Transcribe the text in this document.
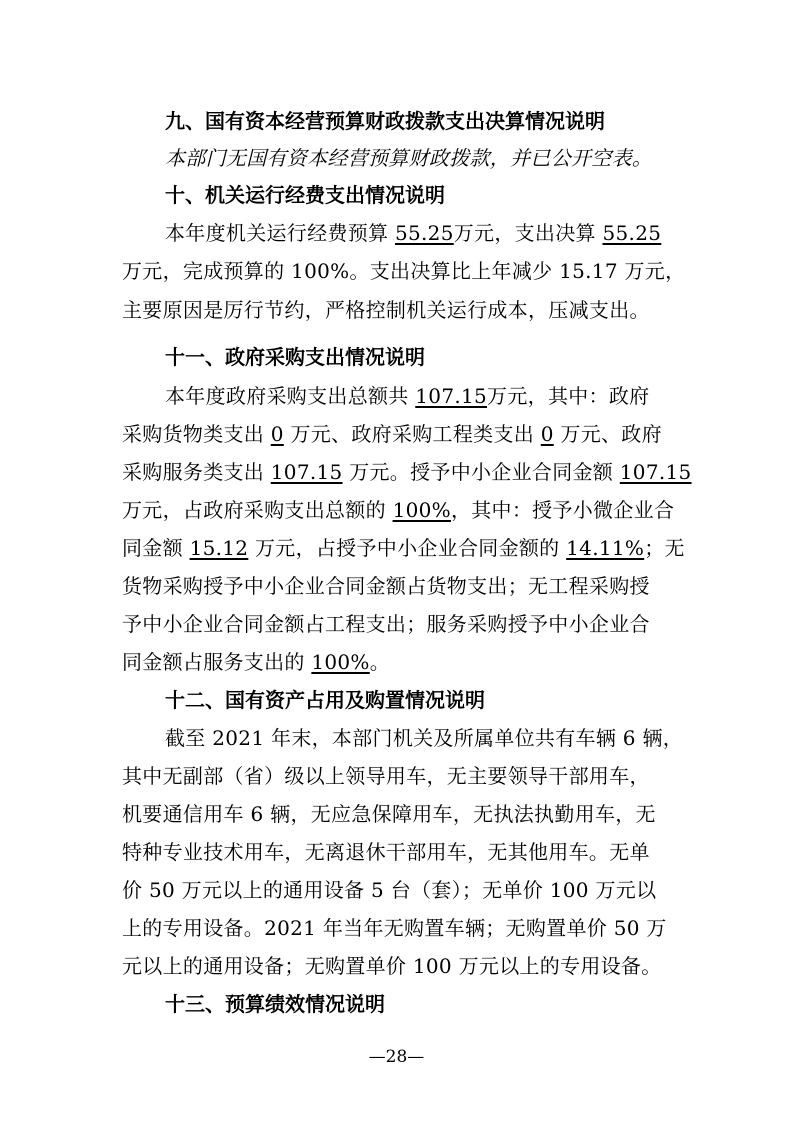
九、国有资本经营预算财政拨款支出决算情况说明
本部门无国有资本经营预算财政拨款，并已公开空表。
十、机关运行经费支出情况说明
本年度机关运行经费预算 55.25万元，支出决算 55.25
万元，完成预算的 100%。支出决算比上年减少 15.17 万元，
主要原因是厉行节约，严格控制机关运行成本，压减支出。
十一、政府采购支出情况说明
本年度政府采购支出总额共 107.15万元，其中：政府
采购货物类支出 0 万元、政府采购工程类支出 0 万元、政府
采购服务类支出 107.15 万元。授予中小企业合同金额 107.15
万元，占政府采购支出总额的 100%，其中：授予小微企业合
同金额 15.12 万元，占授予中小企业合同金额的 14.11%；无
货物采购授予中小企业合同金额占货物支出；无工程采购授
予中小企业合同金额占工程支出；服务采购授予中小企业合
同金额占服务支出的 100%。
十二、国有资产占用及购置情况说明
截至 2021 年末，本部门机关及所属单位共有车辆 6 辆，
其中无副部（省）级以上领导用车，无主要领导干部用车，
机要通信用车 6 辆，无应急保障用车，无执法执勤用车，无
特种专业技术用车，无离退休干部用车，无其他用车。无单
价 50 万元以上的通用设备 5 台（套）；无单价 100 万元以
上的专用设备。2021 年当年无购置车辆；无购置单价 50 万
元以上的通用设备；无购置单价 100 万元以上的专用设备。
十三、预算绩效情况说明
—28—
